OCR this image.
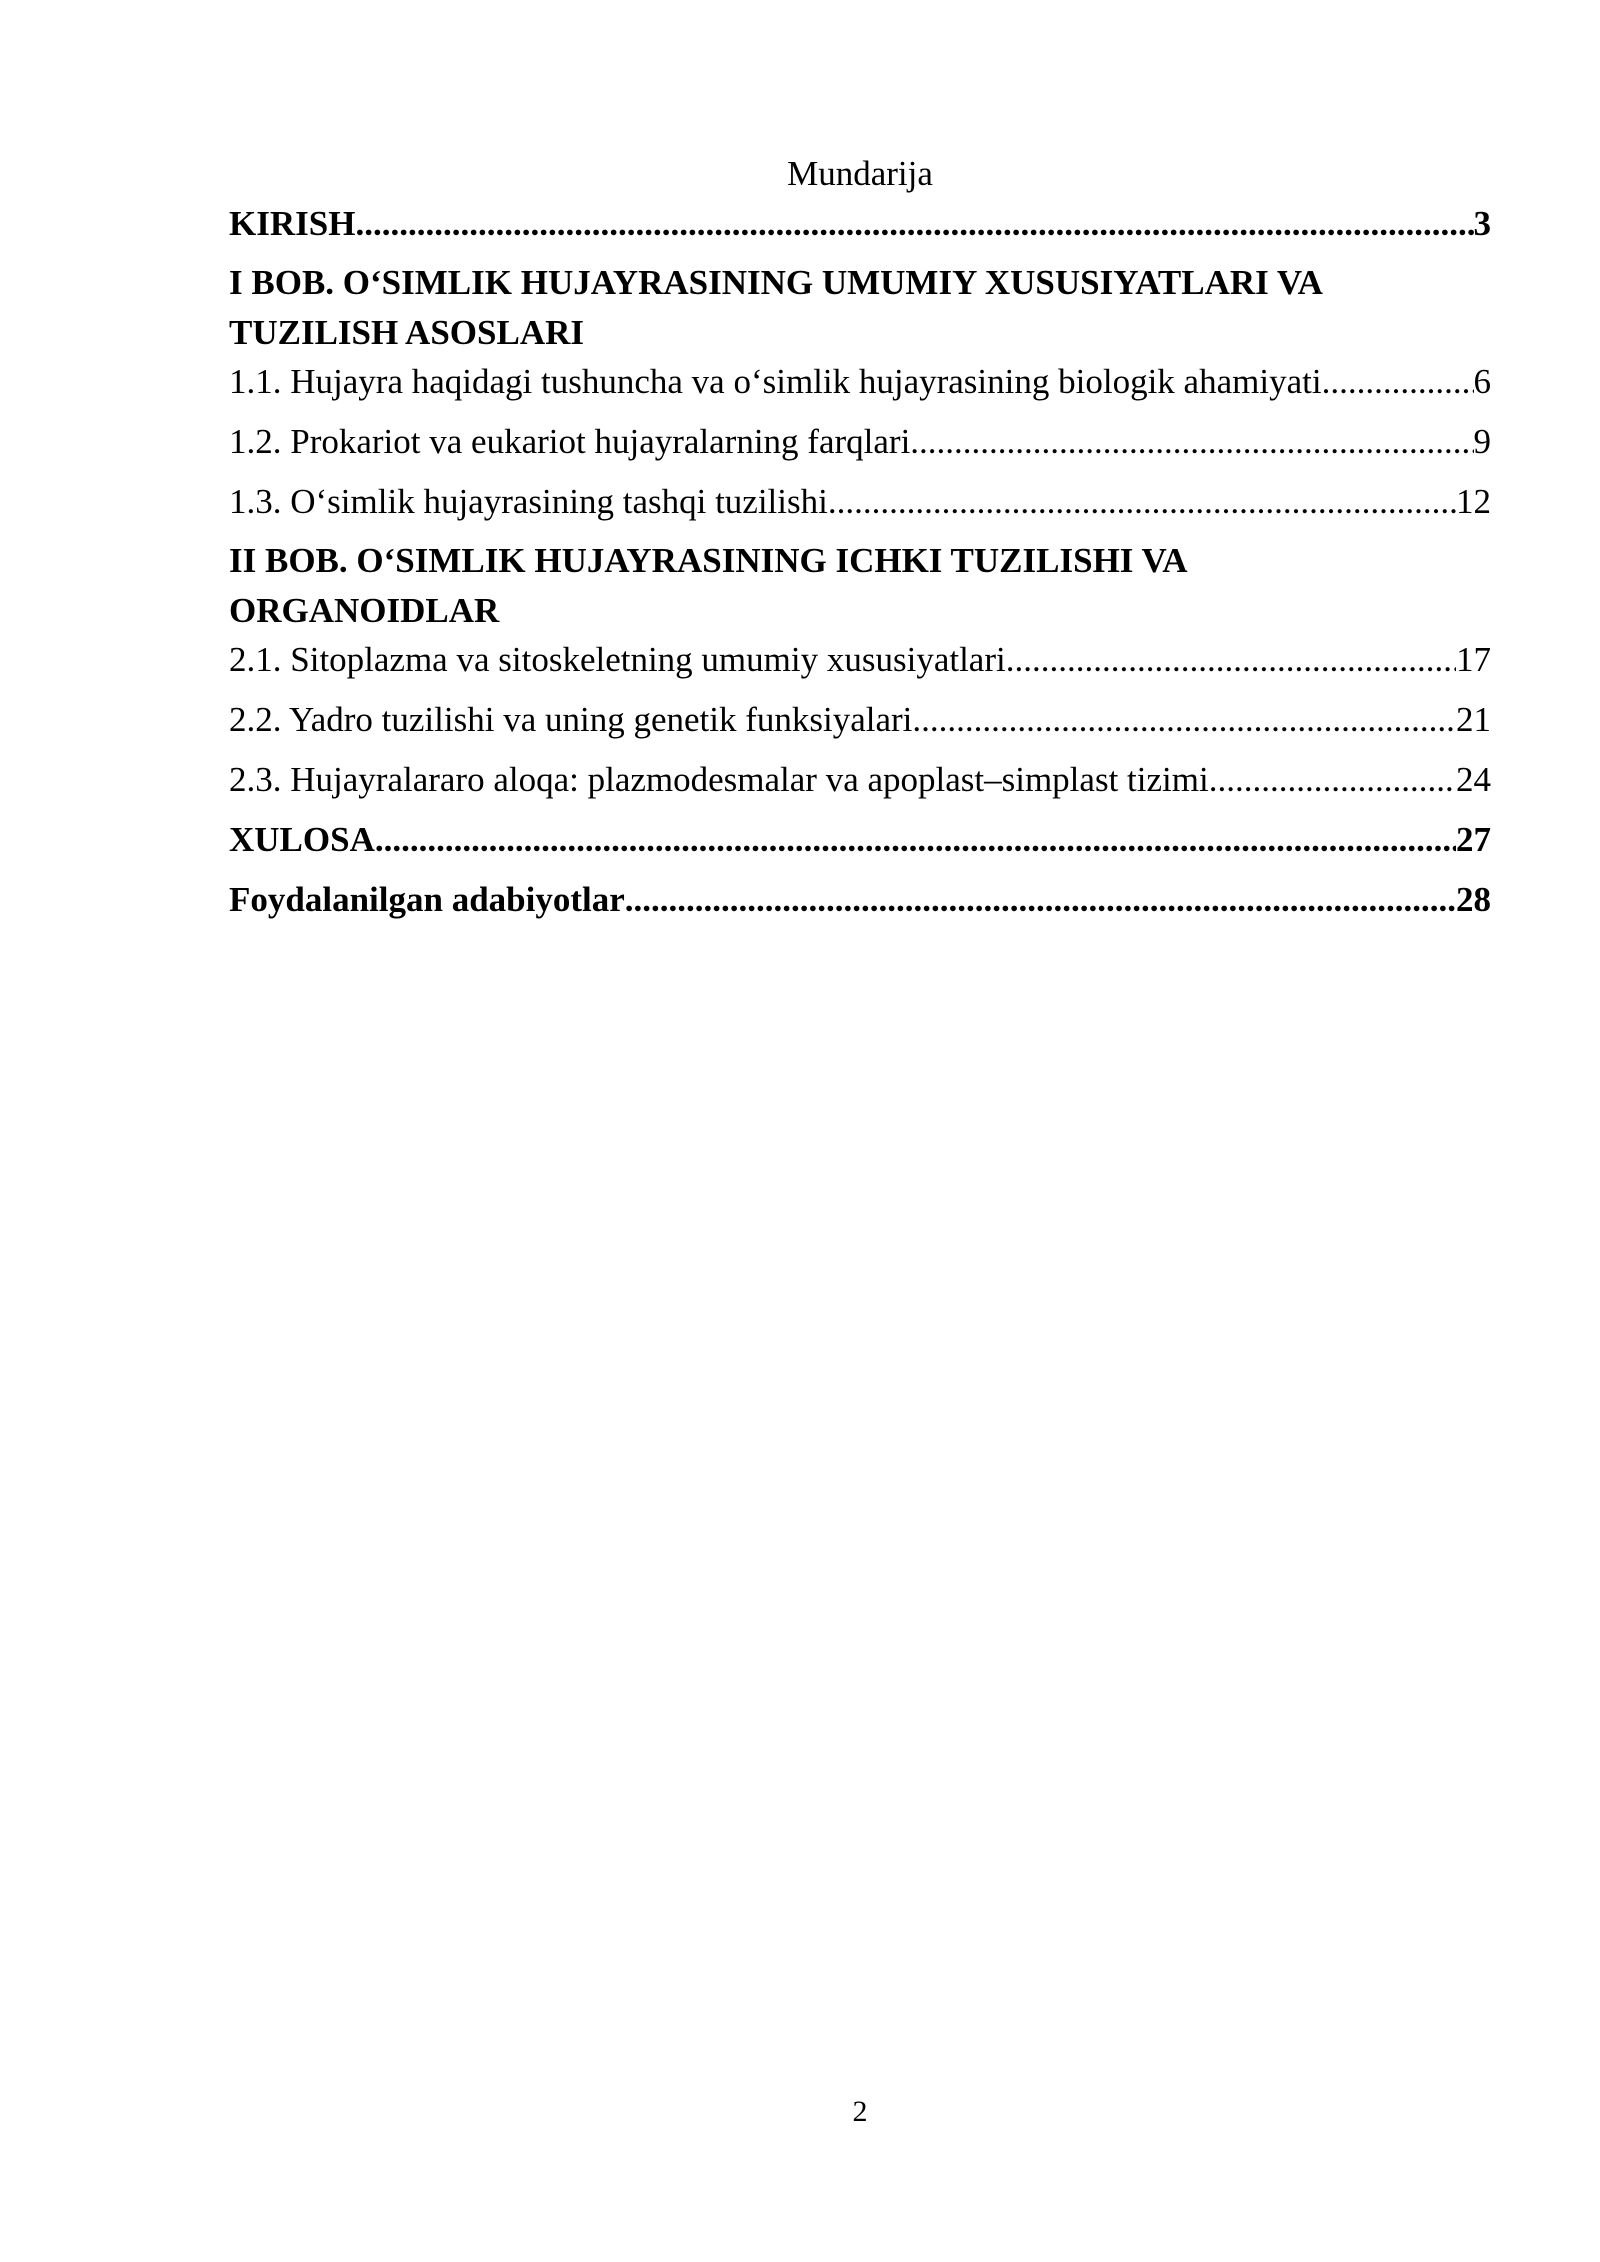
Mundarija
KIRISH .....	3
I BOB. O‘SIMLIK HUJAYRASINING UMUMIY XUSUSIYATLARI VA
TUZILISH ASOSLARI
1.1. Hujayra haqidagi tushuncha va o‘simlik hujayrasining biologik ahamiyati .....	6
1.2. Prokariot va eukariot hujayralarning farqlari .....	9
1.3. O‘simlik hujayrasining tashqi tuzilishi .....	12
II BOB. O‘SIMLIK HUJAYRASINING ICHKI TUZILISHI VA
ORGANOIDLAR
2.1. Sitoplazma va sitoskeletning umumiy xususiyatlari .....	17
2.2. Yadro tuzilishi va uning genetik funksiyalari .....	21
2.3. Hujayralararo aloqa: plazmodesmalar va apoplast–simplast tizimi .....	24
XULOSA .....	27
Foydalanilgan adabiyotlar .....	28
2
